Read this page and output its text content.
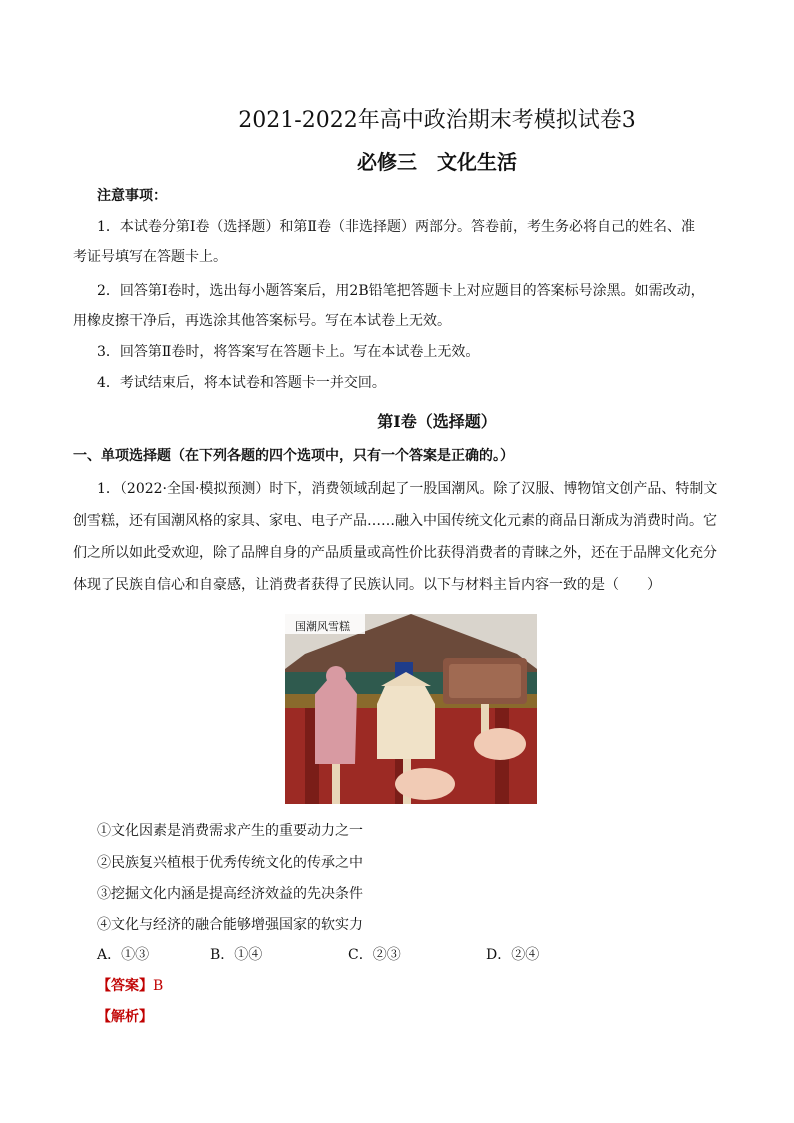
2021-2022年高中政治期末考模拟试卷3
必修三　文化生活
注意事项：
1．本试卷分第Ⅰ卷（选择题）和第Ⅱ卷（非选择题）两部分。答卷前，考生务必将自己的姓名、准
考证号填写在答题卡上。
2．回答第Ⅰ卷时，选出每小题答案后，用2B铅笔把答题卡上对应题目的答案标号涂黑。如需改动，
用橡皮擦干净后，再选涂其他答案标号。写在本试卷上无效。
3．回答第Ⅱ卷时，将答案写在答题卡上。写在本试卷上无效。
4．考试结束后，将本试卷和答题卡一并交回。
第Ⅰ卷（选择题）
一、单项选择题（在下列各题的四个选项中，只有一个答案是正确的。）
1．（2022·全国·模拟预测）时下，消费领域刮起了一股国潮风。除了汉服、博物馆文创产品、特制文
创雪糕，还有国潮风格的家具、家电、电子产品……融入中国传统文化元素的商品日渐成为消费时尚。它
们之所以如此受欢迎，除了品牌自身的产品质量或高性价比获得消费者的青睐之外，还在于品牌文化充分
体现了民族自信心和自豪感，让消费者获得了民族认同。以下与材料主旨内容一致的是（　　）
国潮风雪糕
①文化因素是消费需求产生的重要动力之一
②民族复兴植根于优秀传统文化的传承之中
③挖掘文化内涵是提高经济效益的先决条件
④文化与经济的融合能够增强国家的软实力
A．①③	B．①④	C．②③	D．②④
【答案】B
【解析】
